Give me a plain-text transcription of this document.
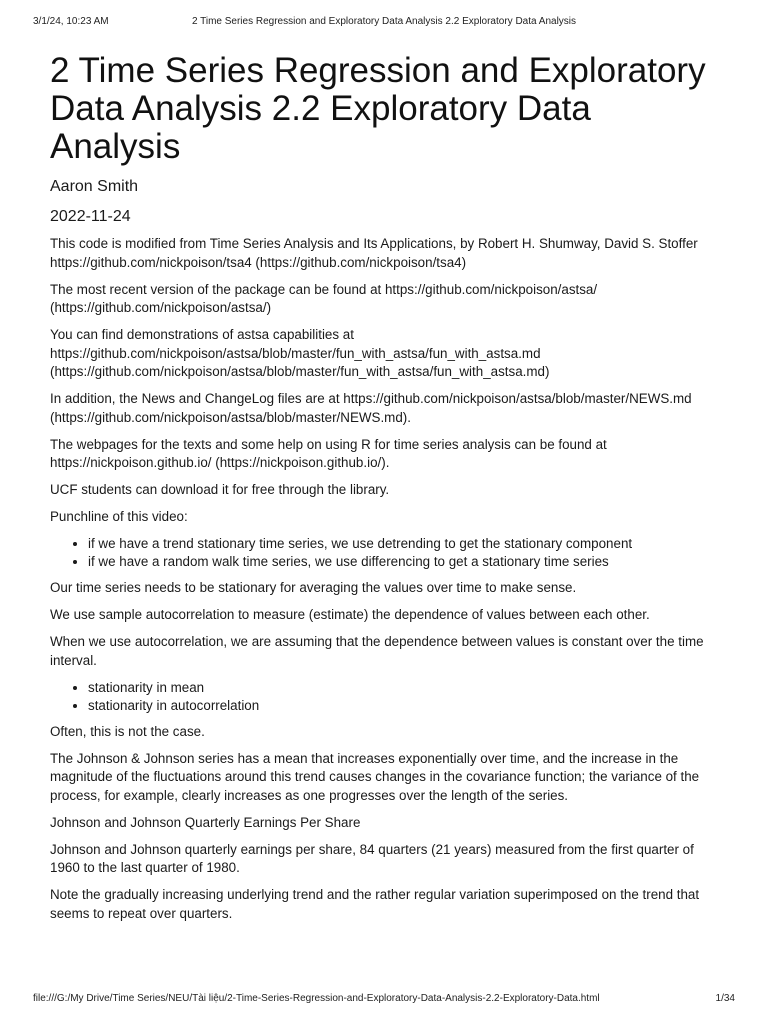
3/1/24, 10:23 AM	2 Time Series Regression and Exploratory Data Analysis 2.2 Exploratory Data Analysis
2 Time Series Regression and Exploratory Data Analysis 2.2 Exploratory Data Analysis
Aaron Smith
2022-11-24

This code is modified from Time Series Analysis and Its Applications, by Robert H. Shumway, David S. Stoffer https://github.com/nickpoison/tsa4 (https://github.com/nickpoison/tsa4)

The most recent version of the package can be found at https://github.com/nickpoison/astsa/ (https://github.com/nickpoison/astsa/)

You can find demonstrations of astsa capabilities at https://github.com/nickpoison/astsa/blob/master/fun_with_astsa/fun_with_astsa.md (https://github.com/nickpoison/astsa/blob/master/fun_with_astsa/fun_with_astsa.md)

In addition, the News and ChangeLog files are at https://github.com/nickpoison/astsa/blob/master/NEWS.md (https://github.com/nickpoison/astsa/blob/master/NEWS.md).

The webpages for the texts and some help on using R for time series analysis can be found at https://nickpoison.github.io/ (https://nickpoison.github.io/).

UCF students can download it for free through the library.

Punchline of this video:

• if we have a trend stationary time series, we use detrending to get the stationary component
• if we have a random walk time series, we use differencing to get a stationary time series

Our time series needs to be stationary for averaging the values over time to make sense.

We use sample autocorrelation to measure (estimate) the dependence of values between each other.

When we use autocorrelation, we are assuming that the dependence between values is constant over the time interval.

• stationarity in mean
• stationarity in autocorrelation

Often, this is not the case.

The Johnson & Johnson series has a mean that increases exponentially over time, and the increase in the magnitude of the fluctuations around this trend causes changes in the covariance function; the variance of the process, for example, clearly increases as one progresses over the length of the series.

Johnson and Johnson Quarterly Earnings Per Share

Johnson and Johnson quarterly earnings per share, 84 quarters (21 years) measured from the first quarter of 1960 to the last quarter of 1980.

Note the gradually increasing underlying trend and the rather regular variation superimposed on the trend that seems to repeat over quarters.

file:///G:/My Drive/Time Series/NEU/Tài liệu/2-Time-Series-Regression-and-Exploratory-Data-Analysis-2.2-Exploratory-Data.html	1/34
